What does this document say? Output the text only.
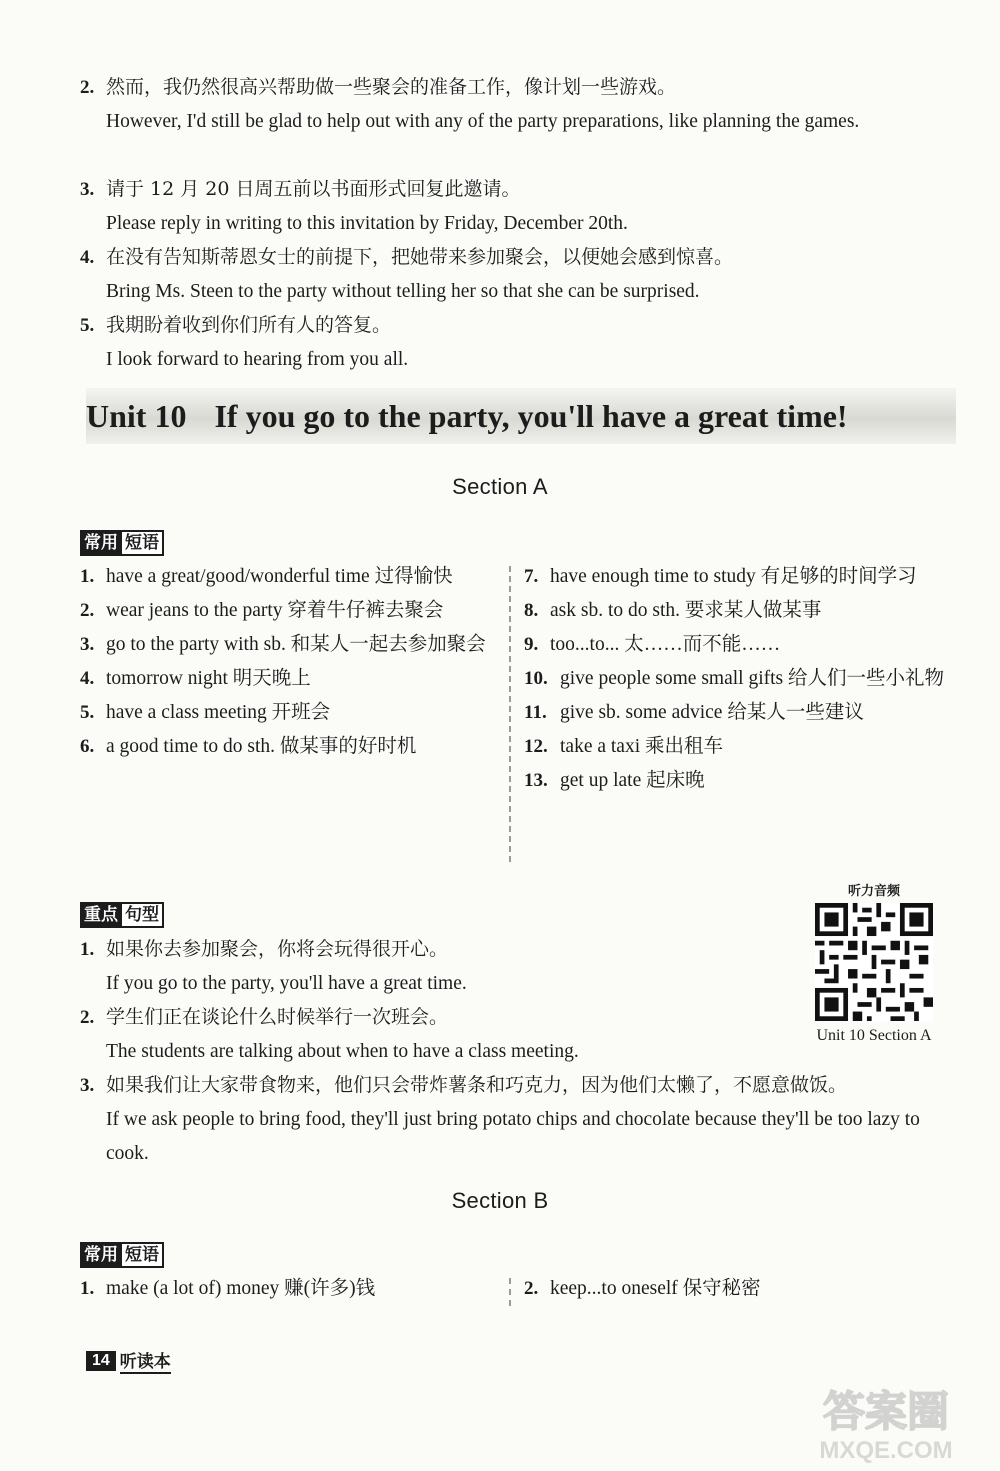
2. 然而，我仍然很高兴帮助做一些聚会的准备工作，像计划一些游戏。
However, I'd still be glad to help out with any of the party preparations, like planning the games.
3. 请于 12 月 20 日周五前以书面形式回复此邀请。
Please reply in writing to this invitation by Friday, December 20th.
4. 在没有告知斯蒂恩女士的前提下，把她带来参加聚会，以便她会感到惊喜。
Bring Ms. Steen to the party without telling her so that she can be surprised.
5. 我期盼着收到你们所有人的答复。
I look forward to hearing from you all.
Unit 10 If you go to the party, you'll have a great time!
Section A
常用 短语
1. have a great/good/wonderful time 过得愉快
2. wear jeans to the party 穿着牛仔裤去聚会
3. go to the party with sb. 和某人一起去参加聚会
4. tomorrow night 明天晚上
5. have a class meeting 开班会
6. a good time to do sth. 做某事的好时机
7. have enough time to study 有足够的时间学习
8. ask sb. to do sth. 要求某人做某事
9. too...to... 太……而不能……
10. give people some small gifts 给人们一些小礼物
11. give sb. some advice 给某人一些建议
12. take a taxi 乘出租车
13. get up late 起床晚
重点 句型
1. 如果你去参加聚会，你将会玩得很开心。
If you go to the party, you'll have a great time.
2. 学生们正在谈论什么时候举行一次班会。
The students are talking about when to have a class meeting.
3. 如果我们让大家带食物来，他们只会带炸薯条和巧克力，因为他们太懒了，不愿意做饭。
If we ask people to bring food, they'll just bring potato chips and chocolate because they'll be too lazy to cook.
听力音频
Unit 10 Section A
Section B
常用 短语
1. make (a lot of) money 赚(许多)钱	2. keep...to oneself 保守秘密
14 听读本
答案圈
MXQE.COM
